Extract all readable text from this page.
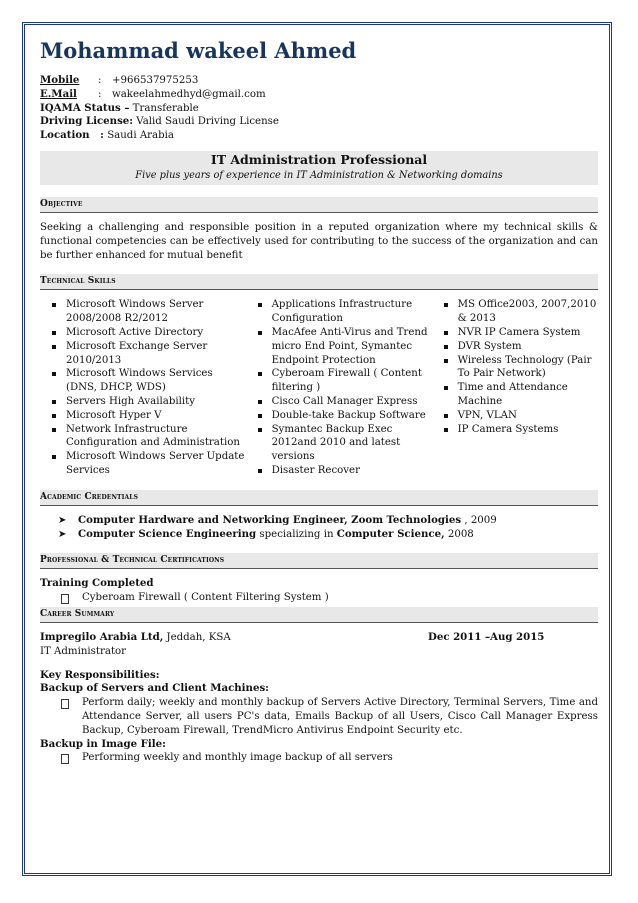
Mohammad wakeel Ahmed
Mobile	:	+966537975253
E.Mail	:	wakeelahmedhyd@gmail.com
IQAMA Status – Transferable
Driving License: Valid Saudi Driving License
Location   : Saudi Arabia
IT Administration Professional
Five plus years of experience in IT Administration & Networking domains
Objective
Seeking a challenging and responsible position in a reputed organization where my technical skills & functional competencies can be effectively used for contributing to the success of the organization and can be further enhanced for mutual benefit
Technical Skills
Microsoft Windows Server 2008/2008 R2/2012
Microsoft Active Directory
Microsoft Exchange Server 2010/2013
Microsoft Windows Services (DNS, DHCP, WDS)
Servers High Availability
Microsoft Hyper V
Network Infrastructure Configuration and Administration
Microsoft Windows Server Update Services
Applications Infrastructure Configuration
MacAfee Anti-Virus and Trend micro End Point, Symantec Endpoint Protection
Cyberoam Firewall ( Content filtering )
Cisco Call Manager Express
Double-take Backup Software
Symantec Backup Exec 2012and 2010 and latest versions
Disaster Recover
MS Office2003, 2007,2010 & 2013
NVR IP Camera System
DVR System
Wireless Technology (Pair To Pair Network)
Time and Attendance Machine
VPN, VLAN
IP Camera Systems
Academic Credentials
➤ Computer Hardware and Networking Engineer, Zoom Technologies , 2009
➤ Computer Science Engineering specializing in Computer Science, 2008
Professional & Technical Certifications
Training Completed
Cyberoam Firewall ( Content Filtering System )
Career Summary
Impregilo Arabia Ltd, Jeddah, KSA	Dec 2011 –Aug 2015
IT Administrator
Key Responsibilities:
Backup of Servers and Client Machines:
Perform daily; weekly and monthly backup of Servers Active Directory, Terminal Servers, Time and Attendance Server, all users PC's data, Emails Backup of all Users, Cisco Call Manager Express Backup, Cyberoam Firewall, TrendMicro Antivirus Endpoint Security etc.
Backup in Image File:
Performing weekly and monthly image backup of all servers
